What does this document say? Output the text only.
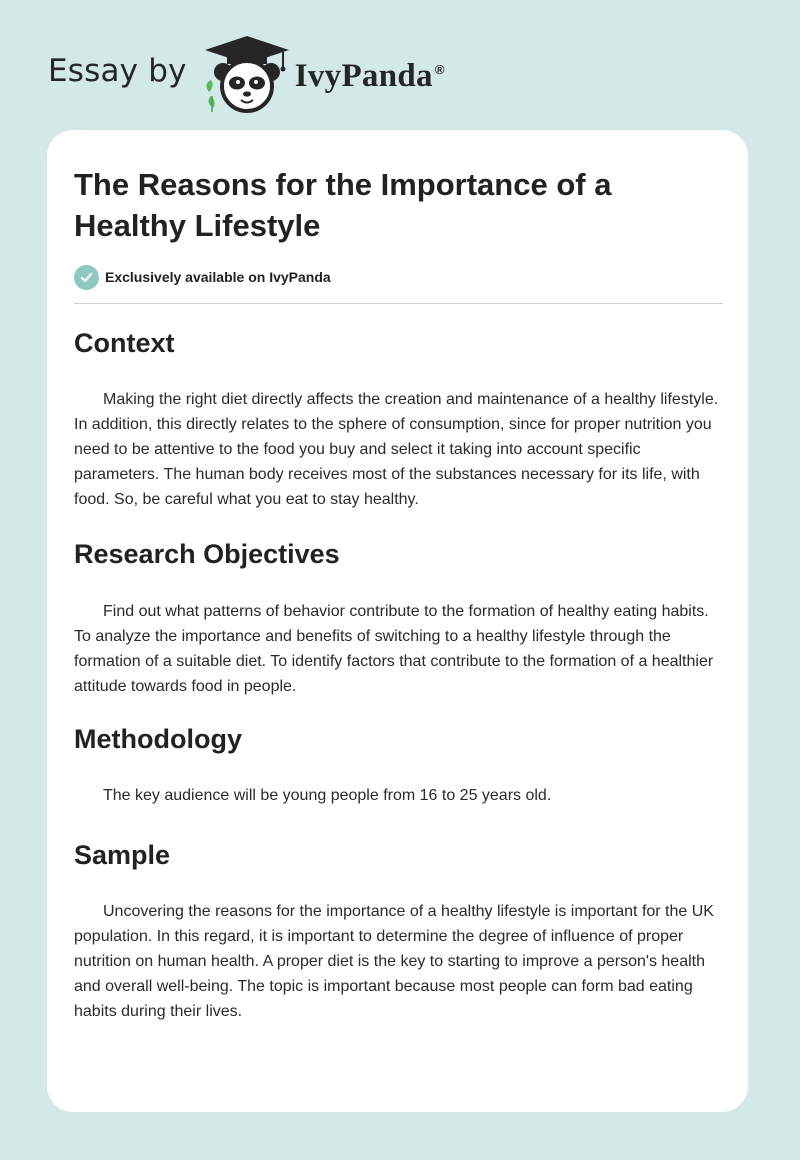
Essay by	IvyPanda ®
The Reasons for the Importance of a Healthy Lifestyle
Exclusively available on IvyPanda
Context

Making the right diet directly affects the creation and maintenance of a healthy lifestyle. In addition, this directly relates to the sphere of consumption, since for proper nutrition you need to be attentive to the food you buy and select it taking into account specific parameters. The human body receives most of the substances necessary for its life, with food. So, be careful what you eat to stay healthy.

Research Objectives

Find out what patterns of behavior contribute to the formation of healthy eating habits. To analyze the importance and benefits of switching to a healthy lifestyle through the formation of a suitable diet. To identify factors that contribute to the formation of a healthier attitude towards food in people.

Methodology

The key audience will be young people from 16 to 25 years old.

Sample

Uncovering the reasons for the importance of a healthy lifestyle is important for the UK population. In this regard, it is important to determine the degree of influence of proper nutrition on human health. A proper diet is the key to starting to improve a person's health and overall well-being. The topic is important because most people can form bad eating habits during their lives.
